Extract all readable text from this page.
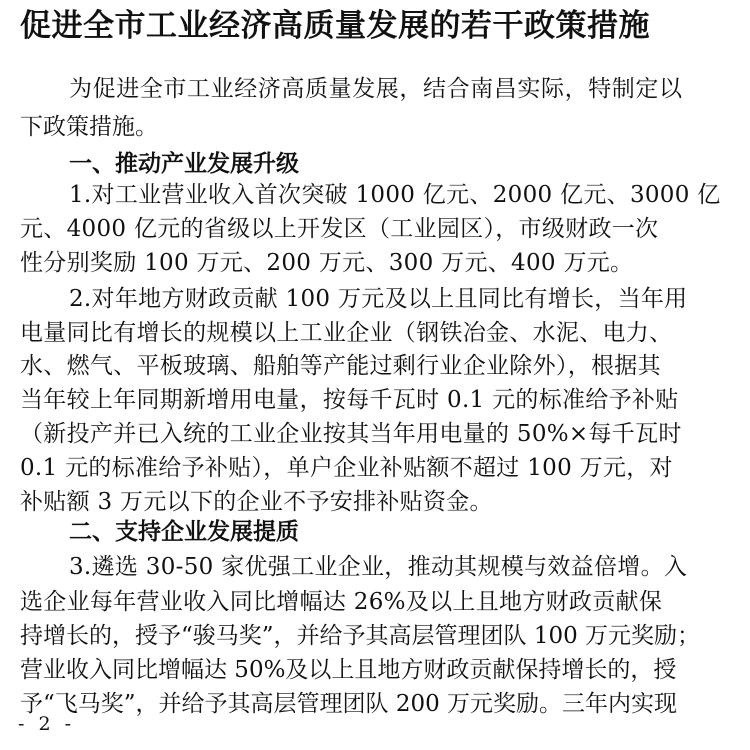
促进全市工业经济高质量发展的若干政策措施
为促进全市工业经济高质量发展，结合南昌实际，特制定以
下政策措施。
一、推动产业发展升级
1.对工业营业收入首次突破 1000 亿元、2000 亿元、3000 亿
元、4000 亿元的省级以上开发区（工业园区），市级财政一次
性分别奖励 100 万元、200 万元、300 万元、400 万元。
2.对年地方财政贡献 100 万元及以上且同比有增长，当年用
电量同比有增长的规模以上工业企业（钢铁冶金、水泥、电力、
水、燃气、平板玻璃、船舶等产能过剩行业企业除外），根据其
当年较上年同期新增用电量，按每千瓦时 0.1 元的标准给予补贴
（新投产并已入统的工业企业按其当年用电量的 50%×每千瓦时
0.1 元的标准给予补贴），单户企业补贴额不超过 100 万元，对
补贴额 3 万元以下的企业不予安排补贴资金。
二、支持企业发展提质
3.遴选 30-50 家优强工业企业，推动其规模与效益倍增。入
选企业每年营业收入同比增幅达 26%及以上且地方财政贡献保
持增长的，授予“骏马奖”，并给予其高层管理团队 100 万元奖励；
营业收入同比增幅达 50%及以上且地方财政贡献保持增长的，授
予“飞马奖”，并给予其高层管理团队 200 万元奖励。三年内实现
- 2 -
